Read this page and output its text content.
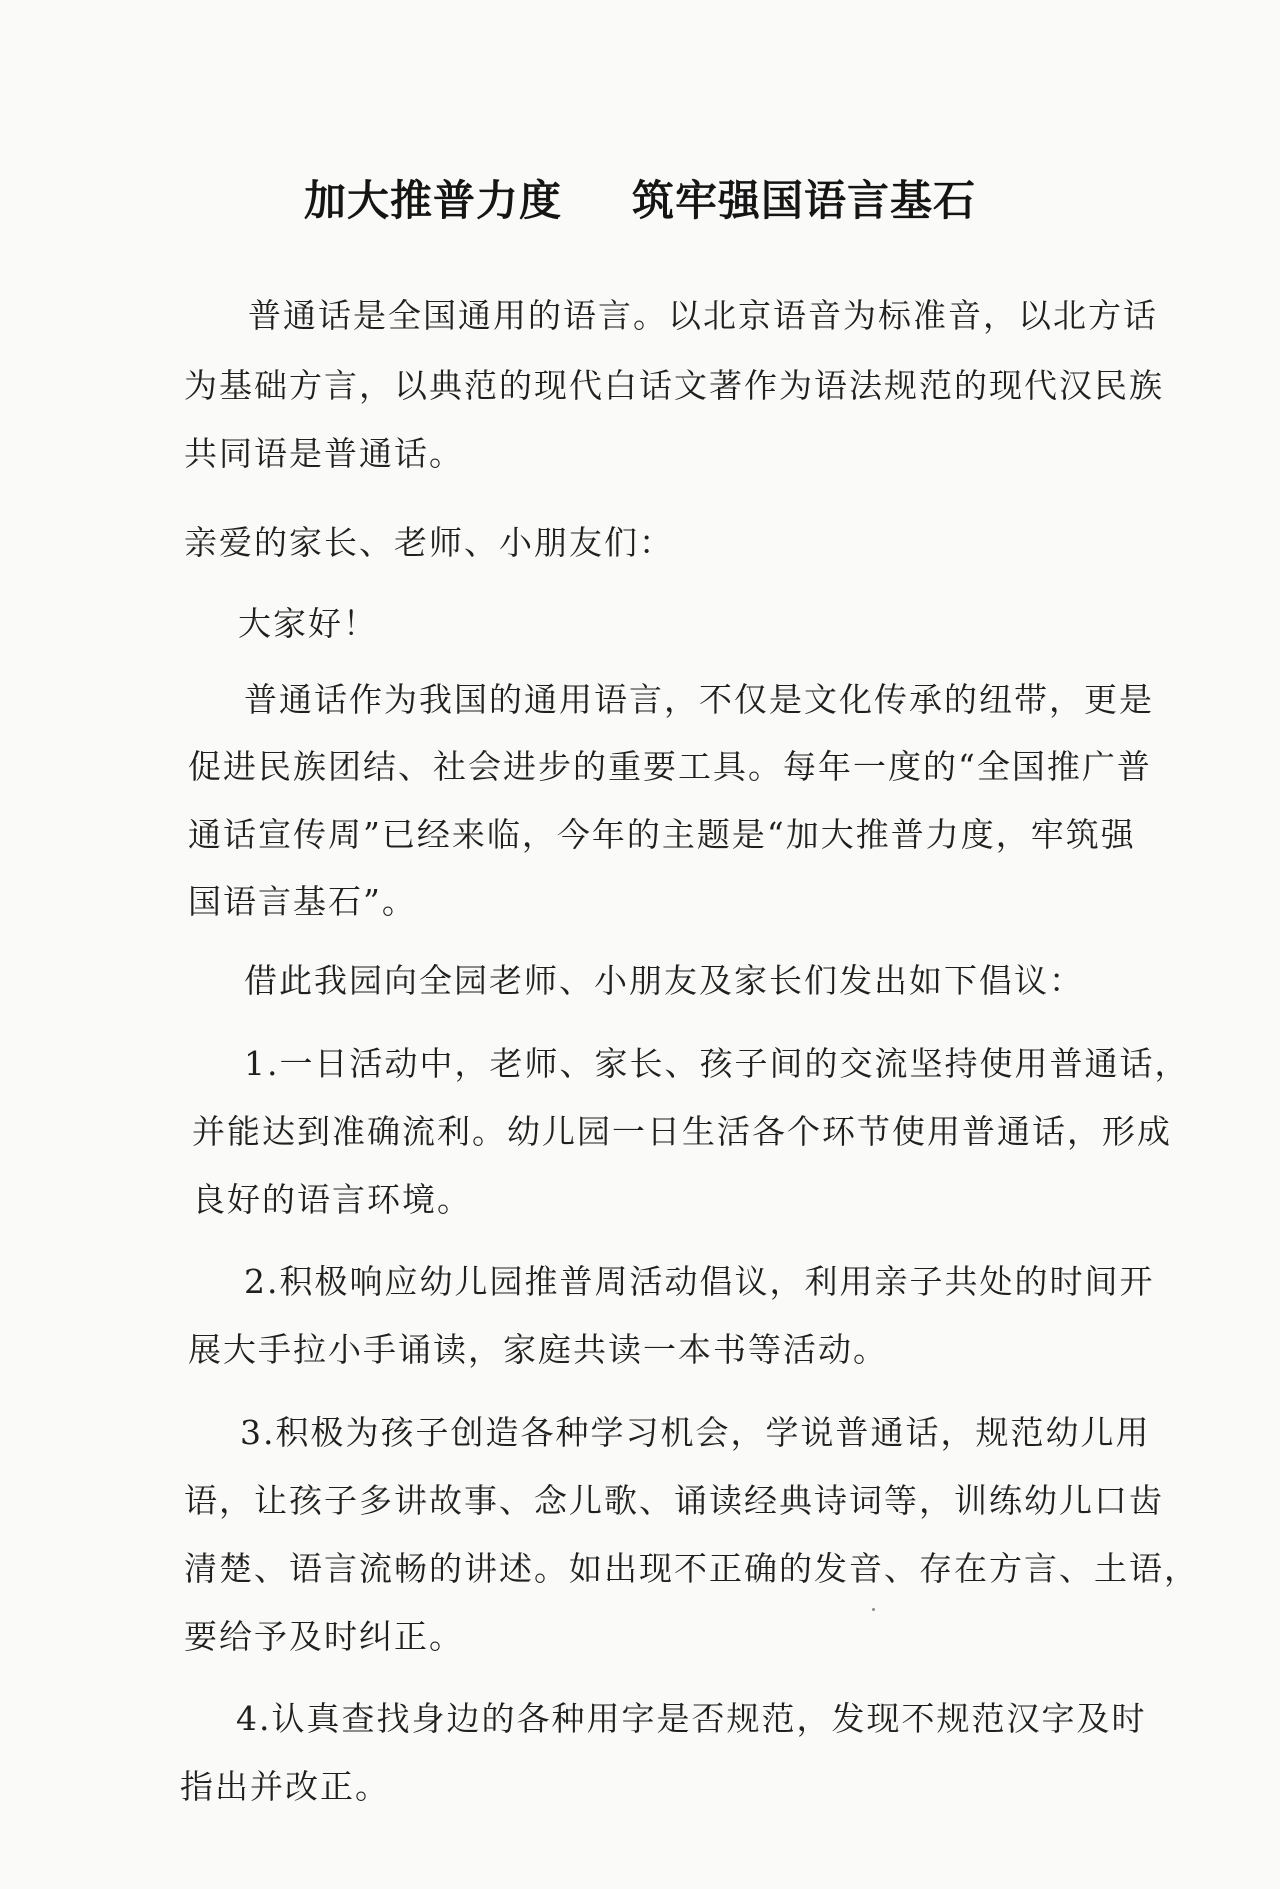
加大推普力度 筑牢强国语言基石
普通话是全国通用的语言。以北京语音为标准音，以北方话
为基础方言，以典范的现代白话文著作为语法规范的现代汉民族
共同语是普通话。
亲爱的家长、老师、小朋友们：
大家好！
普通话作为我国的通用语言，不仅是文化传承的纽带，更是
促进民族团结、社会进步的重要工具。每年一度的“全国推广普
通话宣传周”已经来临，今年的主题是“加大推普力度，牢筑强
国语言基石”。
借此我园向全园老师、小朋友及家长们发出如下倡议：
1.一日活动中，老师、家长、孩子间的交流坚持使用普通话，
并能达到准确流利。幼儿园一日生活各个环节使用普通话，形成
良好的语言环境。
2.积极响应幼儿园推普周活动倡议，利用亲子共处的时间开
展大手拉小手诵读，家庭共读一本书等活动。
3.积极为孩子创造各种学习机会，学说普通话，规范幼儿用
语，让孩子多讲故事、念儿歌、诵读经典诗词等，训练幼儿口齿
清楚、语言流畅的讲述。如出现不正确的发音、存在方言、土语，
要给予及时纠正。
4.认真查找身边的各种用字是否规范，发现不规范汉字及时
指出并改正。
